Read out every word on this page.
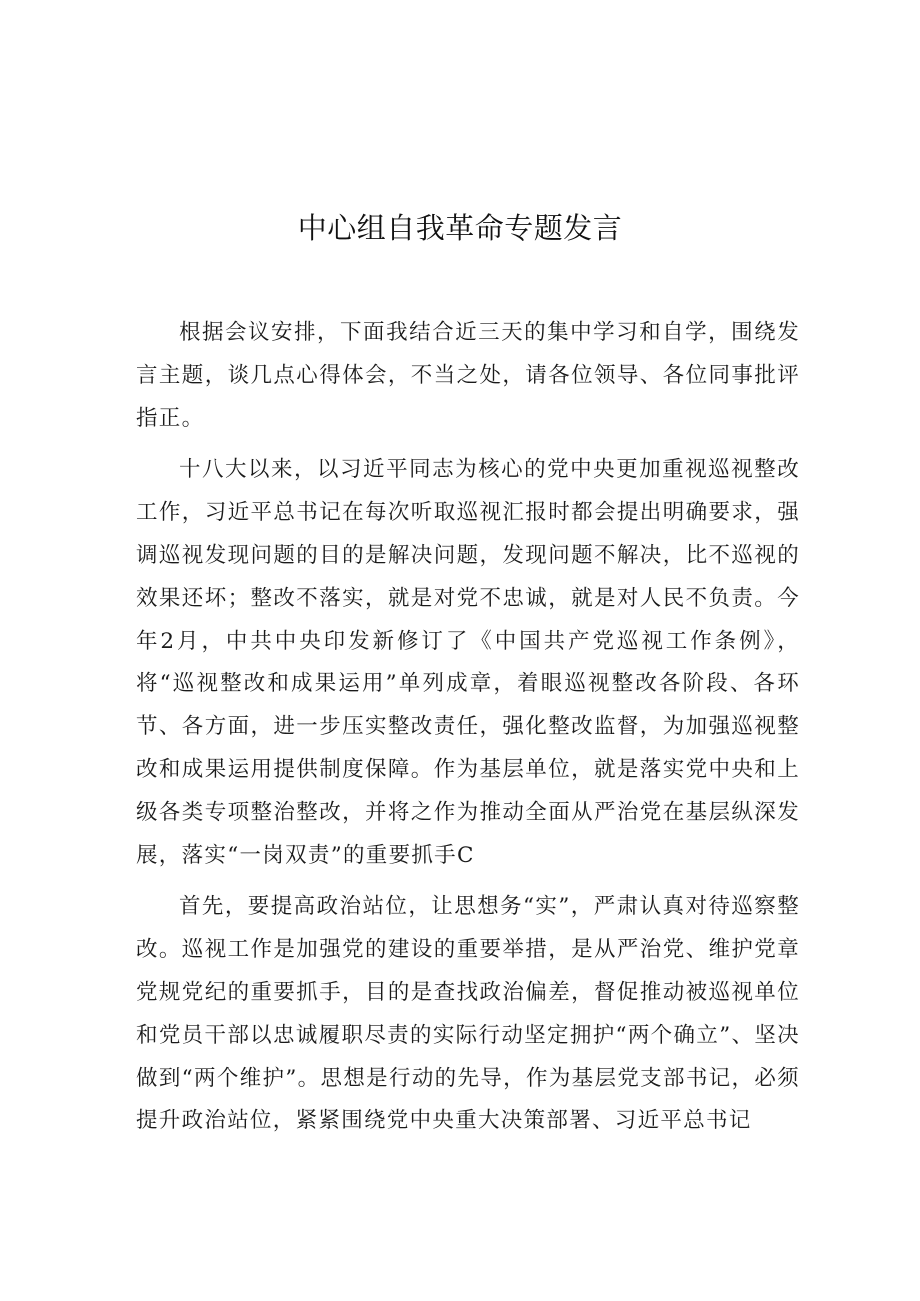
中心组自我革命专题发言

根据会议安排，下面我结合近三天的集中学习和自学，围绕发言主题，谈几点心得体会，不当之处，请各位领导、各位同事批评指正。

十八大以来，以习近平同志为核心的党中央更加重视巡视整改工作，习近平总书记在每次听取巡视汇报时都会提出明确要求，强调巡视发现问题的目的是解决问题，发现问题不解决，比不巡视的效果还坏；整改不落实，就是对党不忠诚，就是对人民不负责。今年2月，中共中央印发新修订了《中国共产党巡视工作条例》，将“巡视整改和成果运用”单列成章，着眼巡视整改各阶段、各环节、各方面，进一步压实整改责任，强化整改监督，为加强巡视整改和成果运用提供制度保障。作为基层单位，就是落实党中央和上级各类专项整治整改，并将之作为推动全面从严治党在基层纵深发展，落实“一岗双责”的重要抓手C

首先，要提高政治站位，让思想务“实”，严肃认真对待巡察整改。巡视工作是加强党的建设的重要举措，是从严治党、维护党章党规党纪的重要抓手，目的是查找政治偏差，督促推动被巡视单位和党员干部以忠诚履职尽责的实际行动坚定拥护“两个确立”、坚决做到“两个维护”。思想是行动的先导，作为基层党支部书记，必须提升政治站位，紧紧围绕党中央重大决策部署、习近平总书记
